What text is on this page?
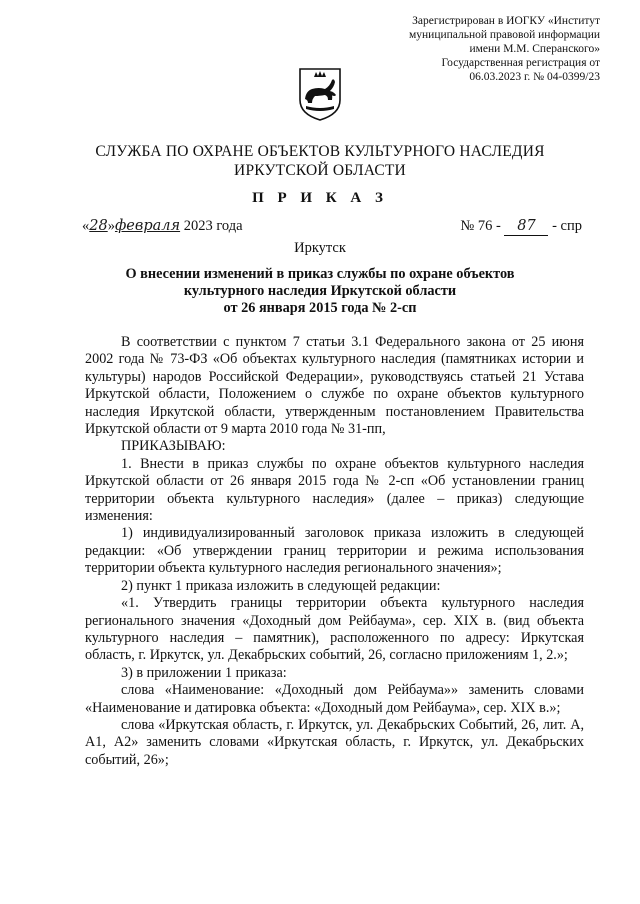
Зарегистрирован в ИОГКУ «Институт
муниципальной правовой информации
имени М.М. Сперанского»
Государственная регистрация от
06.03.2023 г. № 04-0399/23
СЛУЖБА ПО ОХРАНЕ ОБЪЕКТОВ КУЛЬТУРНОГО НАСЛЕДИЯ
ИРКУТСКОЙ ОБЛАСТИ
П Р И К А З
«28»февраля 2023 года	№ 76 - 87 - спр
Иркутск
О внесении изменений в приказ службы по охране объектов
культурного наследия Иркутской области
от 26 января 2015 года № 2-сп

В соответствии с пунктом 7 статьи 3.1 Федерального закона от 25 июня 2002 года № 73-ФЗ «Об объектах культурного наследия (памятниках истории и культуры) народов Российской Федерации», руководствуясь статьей 21 Устава Иркутской области, Положением о службе по охране объектов культурного наследия Иркутской области, утвержденным постановлением Правительства Иркутской области от 9 марта 2010 года № 31-пп,

ПРИКАЗЫВАЮ:

1. Внести в приказ службы по охране объектов культурного наследия Иркутской области от 26 января 2015 года № 2-сп «Об установлении границ территории объекта культурного наследия» (далее – приказ) следующие изменения:

1) индивидуализированный заголовок приказа изложить в следующей редакции: «Об утверждении границ территории и режима использования территории объекта культурного наследия регионального значения»;

2) пункт 1 приказа изложить в следующей редакции:

«1. Утвердить границы территории объекта культурного наследия регионального значения «Доходный дом Рейбаума», сер. XIX в. (вид объекта культурного наследия – памятник), расположенного по адресу: Иркутская область, г. Иркутск, ул. Декабрьских событий, 26, согласно приложениям 1, 2.»;

3) в приложении 1 приказа:

слова «Наименование: «Доходный дом Рейбаума»» заменить словами «Наименование и датировка объекта: «Доходный дом Рейбаума», сер. XIX в.»;

слова «Иркутская область, г. Иркутск, ул. Декабрьских Событий, 26, лит. А, А1, А2» заменить словами «Иркутская область, г. Иркутск, ул. Декабрьских событий, 26»;
